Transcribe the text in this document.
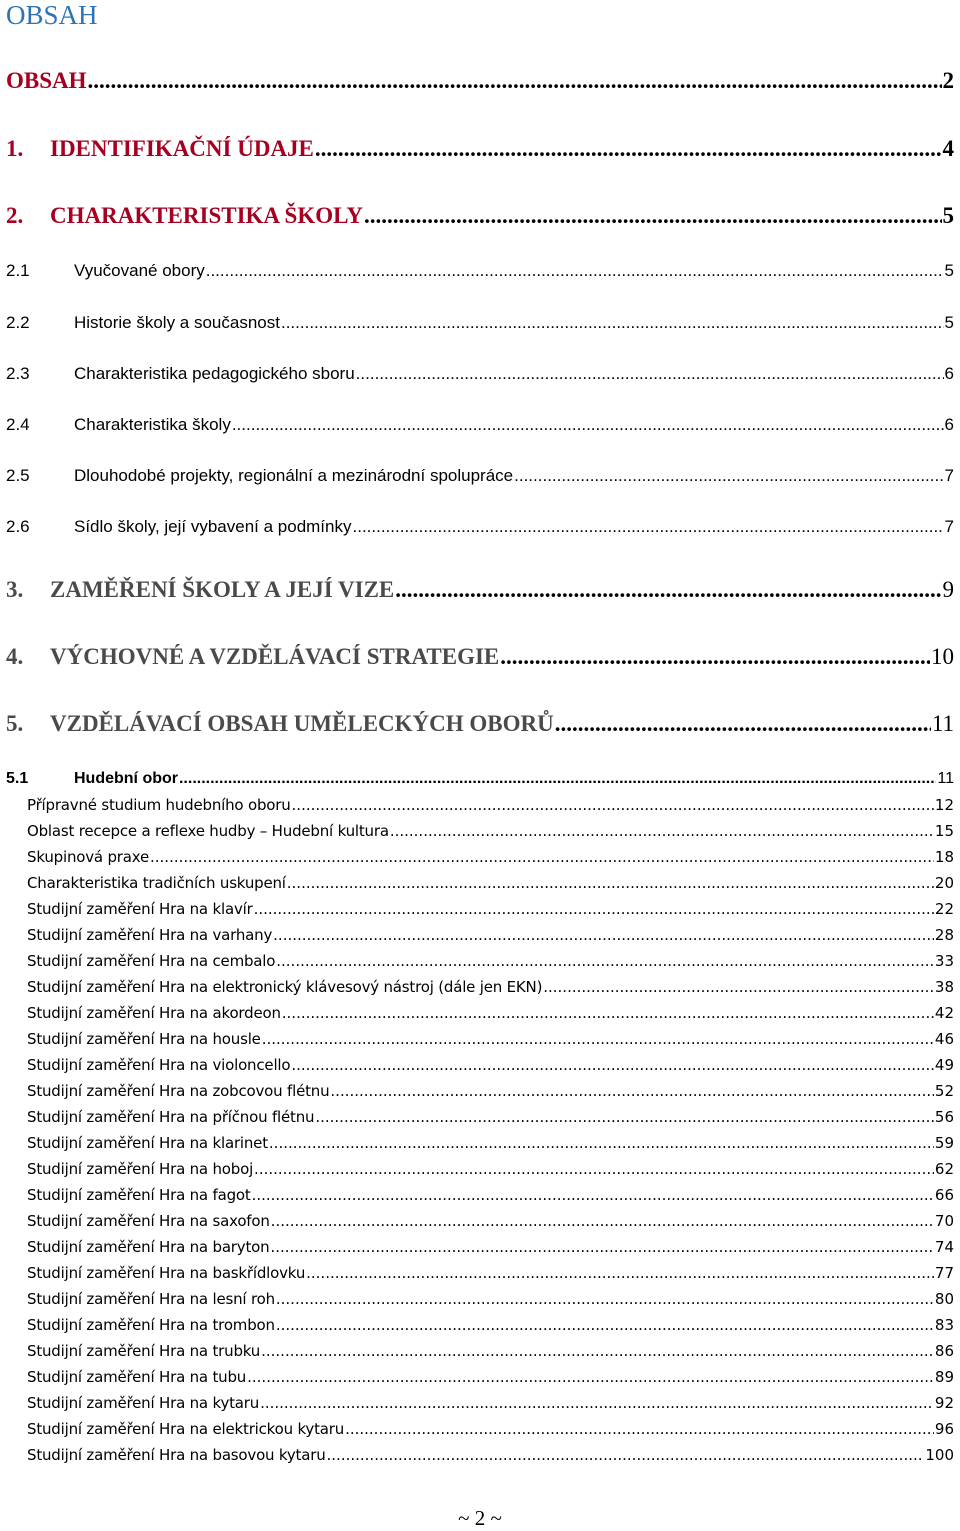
OBSAH
OBSAH .....	2
1.	IDENTIFIKAČNÍ ÚDAJE .....	4
2.	CHARAKTERISTIKA ŠKOLY .....	5
2.1	Vyučované obory .....	5
2.2	Historie školy a současnost .....	5
2.3	Charakteristika pedagogického sboru .....	6
2.4	Charakteristika školy .....	6
2.5	Dlouhodobé projekty, regionální a mezinárodní spolupráce .....	7
2.6	Sídlo školy, její vybavení a podmínky .....	7
3.	ZAMĚŘENÍ ŠKOLY A JEJÍ VIZE .....	9
4.	VÝCHOVNÉ A VZDĚLÁVACÍ STRATEGIE .....	10
5.	VZDĚLÁVACÍ OBSAH UMĚLECKÝCH OBORŮ .....	11
5.1	Hudební obor .....	11
Přípravné studium hudebního oboru .....	12
Oblast recepce a reflexe hudby – Hudební kultura .....	15
Skupinová praxe .....	18
Charakteristika tradičních uskupení .....	20
Studijní zaměření Hra na klavír .....	22
Studijní zaměření Hra na varhany .....	28
Studijní zaměření Hra na cembalo .....	33
Studijní zaměření Hra na elektronický klávesový nástroj (dále jen EKN) .....	38
Studijní zaměření Hra na akordeon .....	42
Studijní zaměření Hra na housle .....	46
Studijní zaměření Hra na violoncello .....	49
Studijní zaměření Hra na zobcovou flétnu .....	52
Studijní zaměření Hra na příčnou flétnu .....	56
Studijní zaměření Hra na klarinet .....	59
Studijní zaměření Hra na hoboj .....	62
Studijní zaměření Hra na fagot .....	66
Studijní zaměření Hra na saxofon .....	70
Studijní zaměření Hra na baryton .....	74
Studijní zaměření Hra na baskřídlovku .....	77
Studijní zaměření Hra na lesní roh .....	80
Studijní zaměření Hra na trombon .....	83
Studijní zaměření Hra na trubku .....	86
Studijní zaměření Hra na tubu .....	89
Studijní zaměření Hra na kytaru .....	92
Studijní zaměření Hra na elektrickou kytaru .....	96
Studijní zaměření Hra na basovou kytaru .....	100
~ 2 ~
